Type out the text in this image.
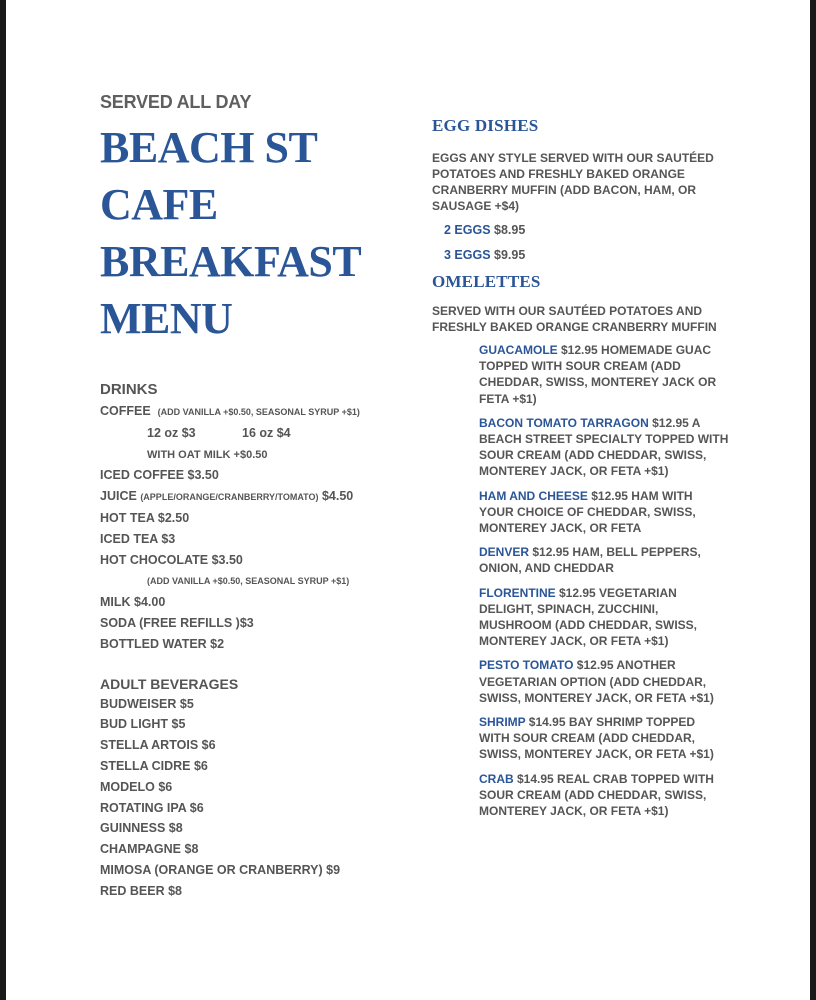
SERVED ALL DAY

BEACH ST
CAFE
BREAKFAST
MENU

DRINKS

COFFEE (ADD VANILLA +$0.50, SEASONAL SYRUP +$1)
12 oz $3	16 oz $4
WITH OAT MILK +$0.50
ICED COFFEE $3.50
JUICE (APPLE/ORANGE/CRANBERRY/TOMATO) $4.50
HOT TEA $2.50
ICED TEA $3
HOT CHOCOLATE $3.50
(ADD VANILLA +$0.50, SEASONAL SYRUP +$1)
MILK $4.00
SODA (FREE REFILLS )$3
BOTTLED WATER $2

ADULT BEVERAGES

BUDWEISER $5
BUD LIGHT $5
STELLA ARTOIS $6
STELLA CIDRE $6
MODELO $6
ROTATING IPA $6
GUINNESS $8
CHAMPAGNE $8
MIMOSA (ORANGE OR CRANBERRY) $9
RED BEER $8

EGG DISHES

EGGS ANY STYLE SERVED WITH OUR SAUTÉED POTATOES AND FRESHLY BAKED ORANGE CRANBERRY MUFFIN (ADD BACON, HAM, OR SAUSAGE +$4)
2 EGGS $8.95
3 EGGS $9.95

OMELETTES

SERVED WITH OUR SAUTÉED POTATOES AND FRESHLY BAKED ORANGE CRANBERRY MUFFIN
GUACAMOLE $12.95 HOMEMADE GUAC TOPPED WITH SOUR CREAM (ADD CHEDDAR, SWISS, MONTEREY JACK OR FETA +$1)
BACON TOMATO TARRAGON $12.95 A BEACH STREET SPECIALTY TOPPED WITH SOUR CREAM (ADD CHEDDAR, SWISS, MONTEREY JACK, OR FETA +$1)
HAM AND CHEESE $12.95 HAM WITH YOUR CHOICE OF CHEDDAR, SWISS, MONTEREY JACK, OR FETA
DENVER $12.95 HAM, BELL PEPPERS, ONION, AND CHEDDAR
FLORENTINE $12.95 VEGETARIAN DELIGHT, SPINACH, ZUCCHINI, MUSHROOM (ADD CHEDDAR, SWISS, MONTEREY JACK, OR FETA +$1)
PESTO TOMATO $12.95 ANOTHER VEGETARIAN OPTION (ADD CHEDDAR, SWISS, MONTEREY JACK, OR FETA +$1)
SHRIMP $14.95 BAY SHRIMP TOPPED WITH SOUR CREAM (ADD CHEDDAR, SWISS, MONTEREY JACK, OR FETA +$1)
CRAB $14.95 REAL CRAB TOPPED WITH SOUR CREAM (ADD CHEDDAR, SWISS, MONTEREY JACK, OR FETA +$1)
